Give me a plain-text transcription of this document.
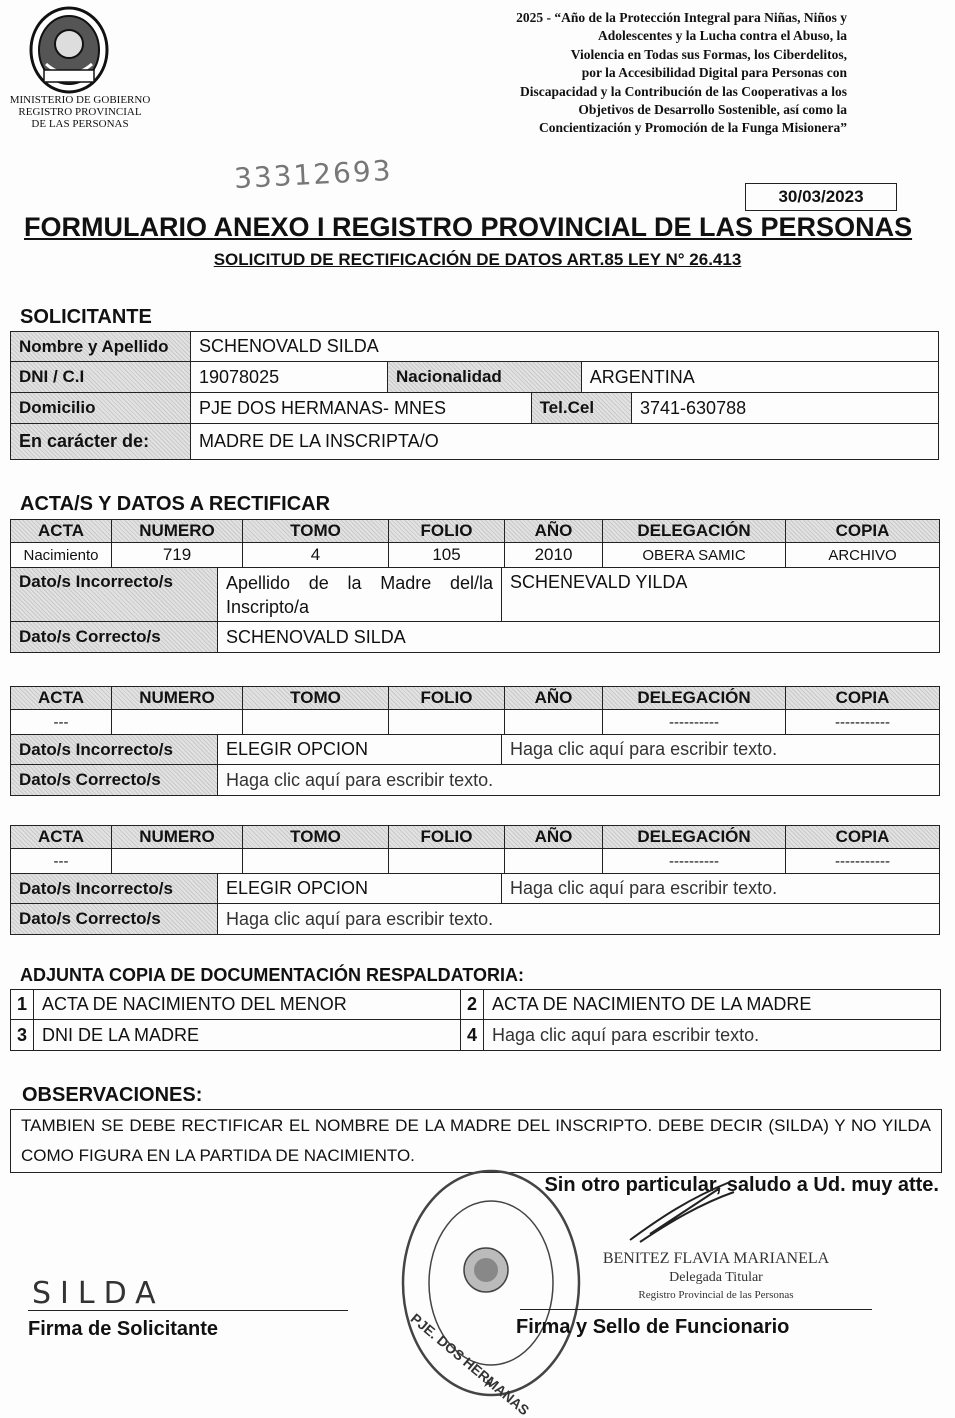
MINISTERIO DE GOBIERNO
REGISTRO PROVINCIAL
DE LAS PERSONAS
2025 - “Año de la Protección Integral para Niñas, Niños y
Adolescentes y la Lucha contra el Abuso, la
Violencia en Todas sus Formas, los Ciberdelitos,
por la Accesibilidad Digital para Personas con
Discapacidad y la Contribución de las Cooperativas a los
Objetivos de Desarrollo Sostenible, así como la
Concientización y Promoción de la Funga Misionera”
33312693
30/03/2023
FORMULARIO ANEXO I REGISTRO PROVINCIAL DE LAS PERSONAS
SOLICITUD DE RECTIFICACIÓN DE DATOS ART.85 LEY N° 26.413
SOLICITANTE
Nombre y Apellido	SCHENOVALD SILDA				
DNI / C.I	19078025	Nacionalidad		ARGENTINA	
Domicilio	PJE DOS HERMANAS- MNES		Tel.Cel		3741-630788
En carácter de:	MADRE DE LA INSCRIPTA/O				
ACTA/S Y DATOS A RECTIFICAR
ACTA	NUMERO	TOMO	FOLIO	AÑO	DELEGACIÓN	COPIA
Nacimiento	719	4	105	2010	OBERA SAMIC	ARCHIVO
Dato/s Incorrecto/s	Apellido de la Madre del/la Inscripto/a	SCHENEVALD YILDA
Dato/s Correcto/s	SCHENOVALD SILDA	
ACTA	NUMERO	TOMO	FOLIO	AÑO	DELEGACIÓN	COPIA
---					----------	-----------
Dato/s Incorrecto/s	ELEGIR OPCION	Haga clic aquí para escribir texto.
Dato/s Correcto/s	Haga clic aquí para escribir texto.	
ACTA	NUMERO	TOMO	FOLIO	AÑO	DELEGACIÓN	COPIA
---					----------	-----------
Dato/s Incorrecto/s	ELEGIR OPCION	Haga clic aquí para escribir texto.
Dato/s Correcto/s	Haga clic aquí para escribir texto.	
ADJUNTA COPIA DE DOCUMENTACIÓN RESPALDATORIA:
1	ACTA DE NACIMIENTO DEL MENOR	2	ACTA DE NACIMIENTO DE LA MADRE
3	DNI DE LA MADRE	4	Haga clic aquí para escribir texto.
OBSERVACIONES:
TAMBIEN SE DEBE RECTIFICAR EL NOMBRE DE LA MADRE DEL INSCRIPTO. DEBE DECIR (SILDA) Y NO YILDA COMO FIGURA EN LA PARTIDA DE NACIMIENTO.
Sin otro particular, saludo a Ud. muy atte.
PJE. DOS HERMANAS
SILDA
Firma de Solicitante
BENITEZ FLAVIA MARIANELA
Delegada Titular
Registro Provincial de las Personas
Firma y Sello de Funcionario
